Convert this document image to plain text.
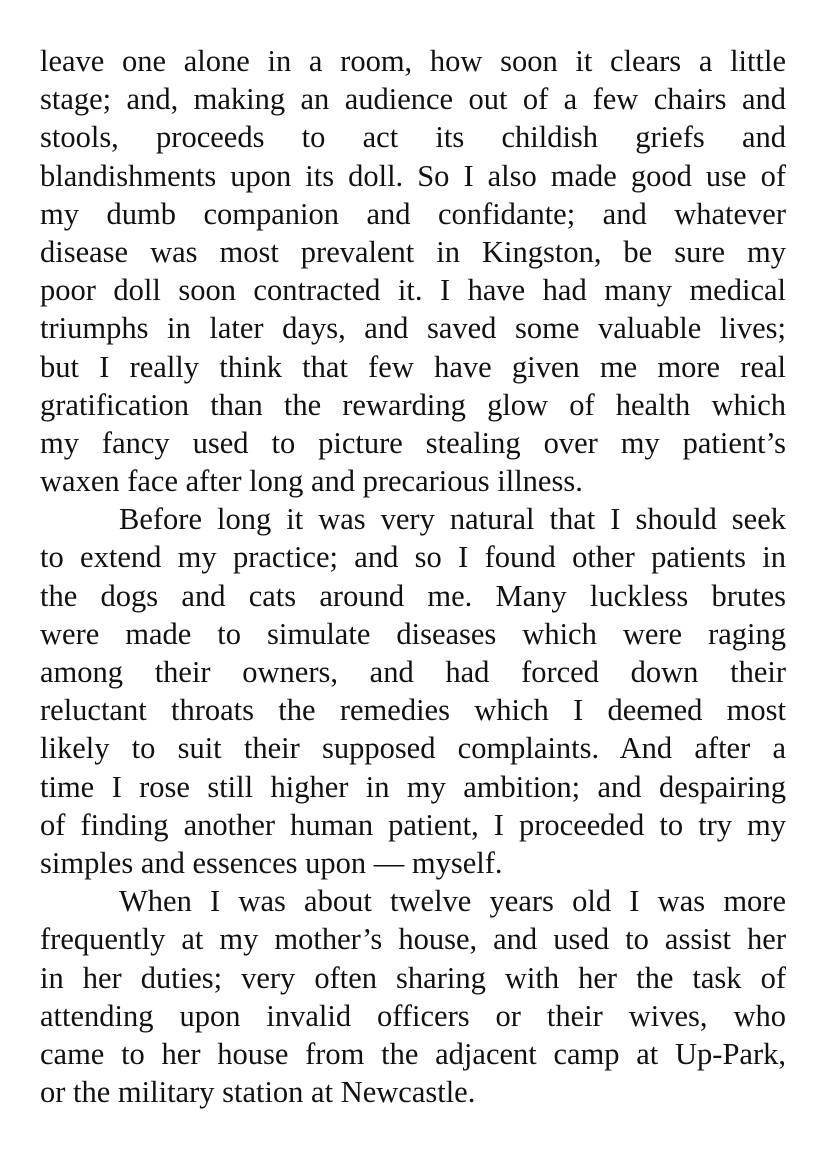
leave one alone in a room, how soon it clears a little
stage; and, making an audience out of a few chairs and
stools, proceeds to act its childish griefs and
blandishments upon its doll. So I also made good use of
my dumb companion and confidante; and whatever
disease was most prevalent in Kingston, be sure my
poor doll soon contracted it. I have had many medical
triumphs in later days, and saved some valuable lives;
but I really think that few have given me more real
gratification than the rewarding glow of health which
my fancy used to picture stealing over my patient’s
waxen face after long and precarious illness.
Before long it was very natural that I should seek
to extend my practice; and so I found other patients in
the dogs and cats around me. Many luckless brutes
were made to simulate diseases which were raging
among their owners, and had forced down their
reluctant throats the remedies which I deemed most
likely to suit their supposed complaints. And after a
time I rose still higher in my ambition; and despairing
of finding another human patient, I proceeded to try my
simples and essences upon — myself.
When I was about twelve years old I was more
frequently at my mother’s house, and used to assist her
in her duties; very often sharing with her the task of
attending upon invalid officers or their wives, who
came to her house from the adjacent camp at Up-Park,
or the military station at Newcastle.
